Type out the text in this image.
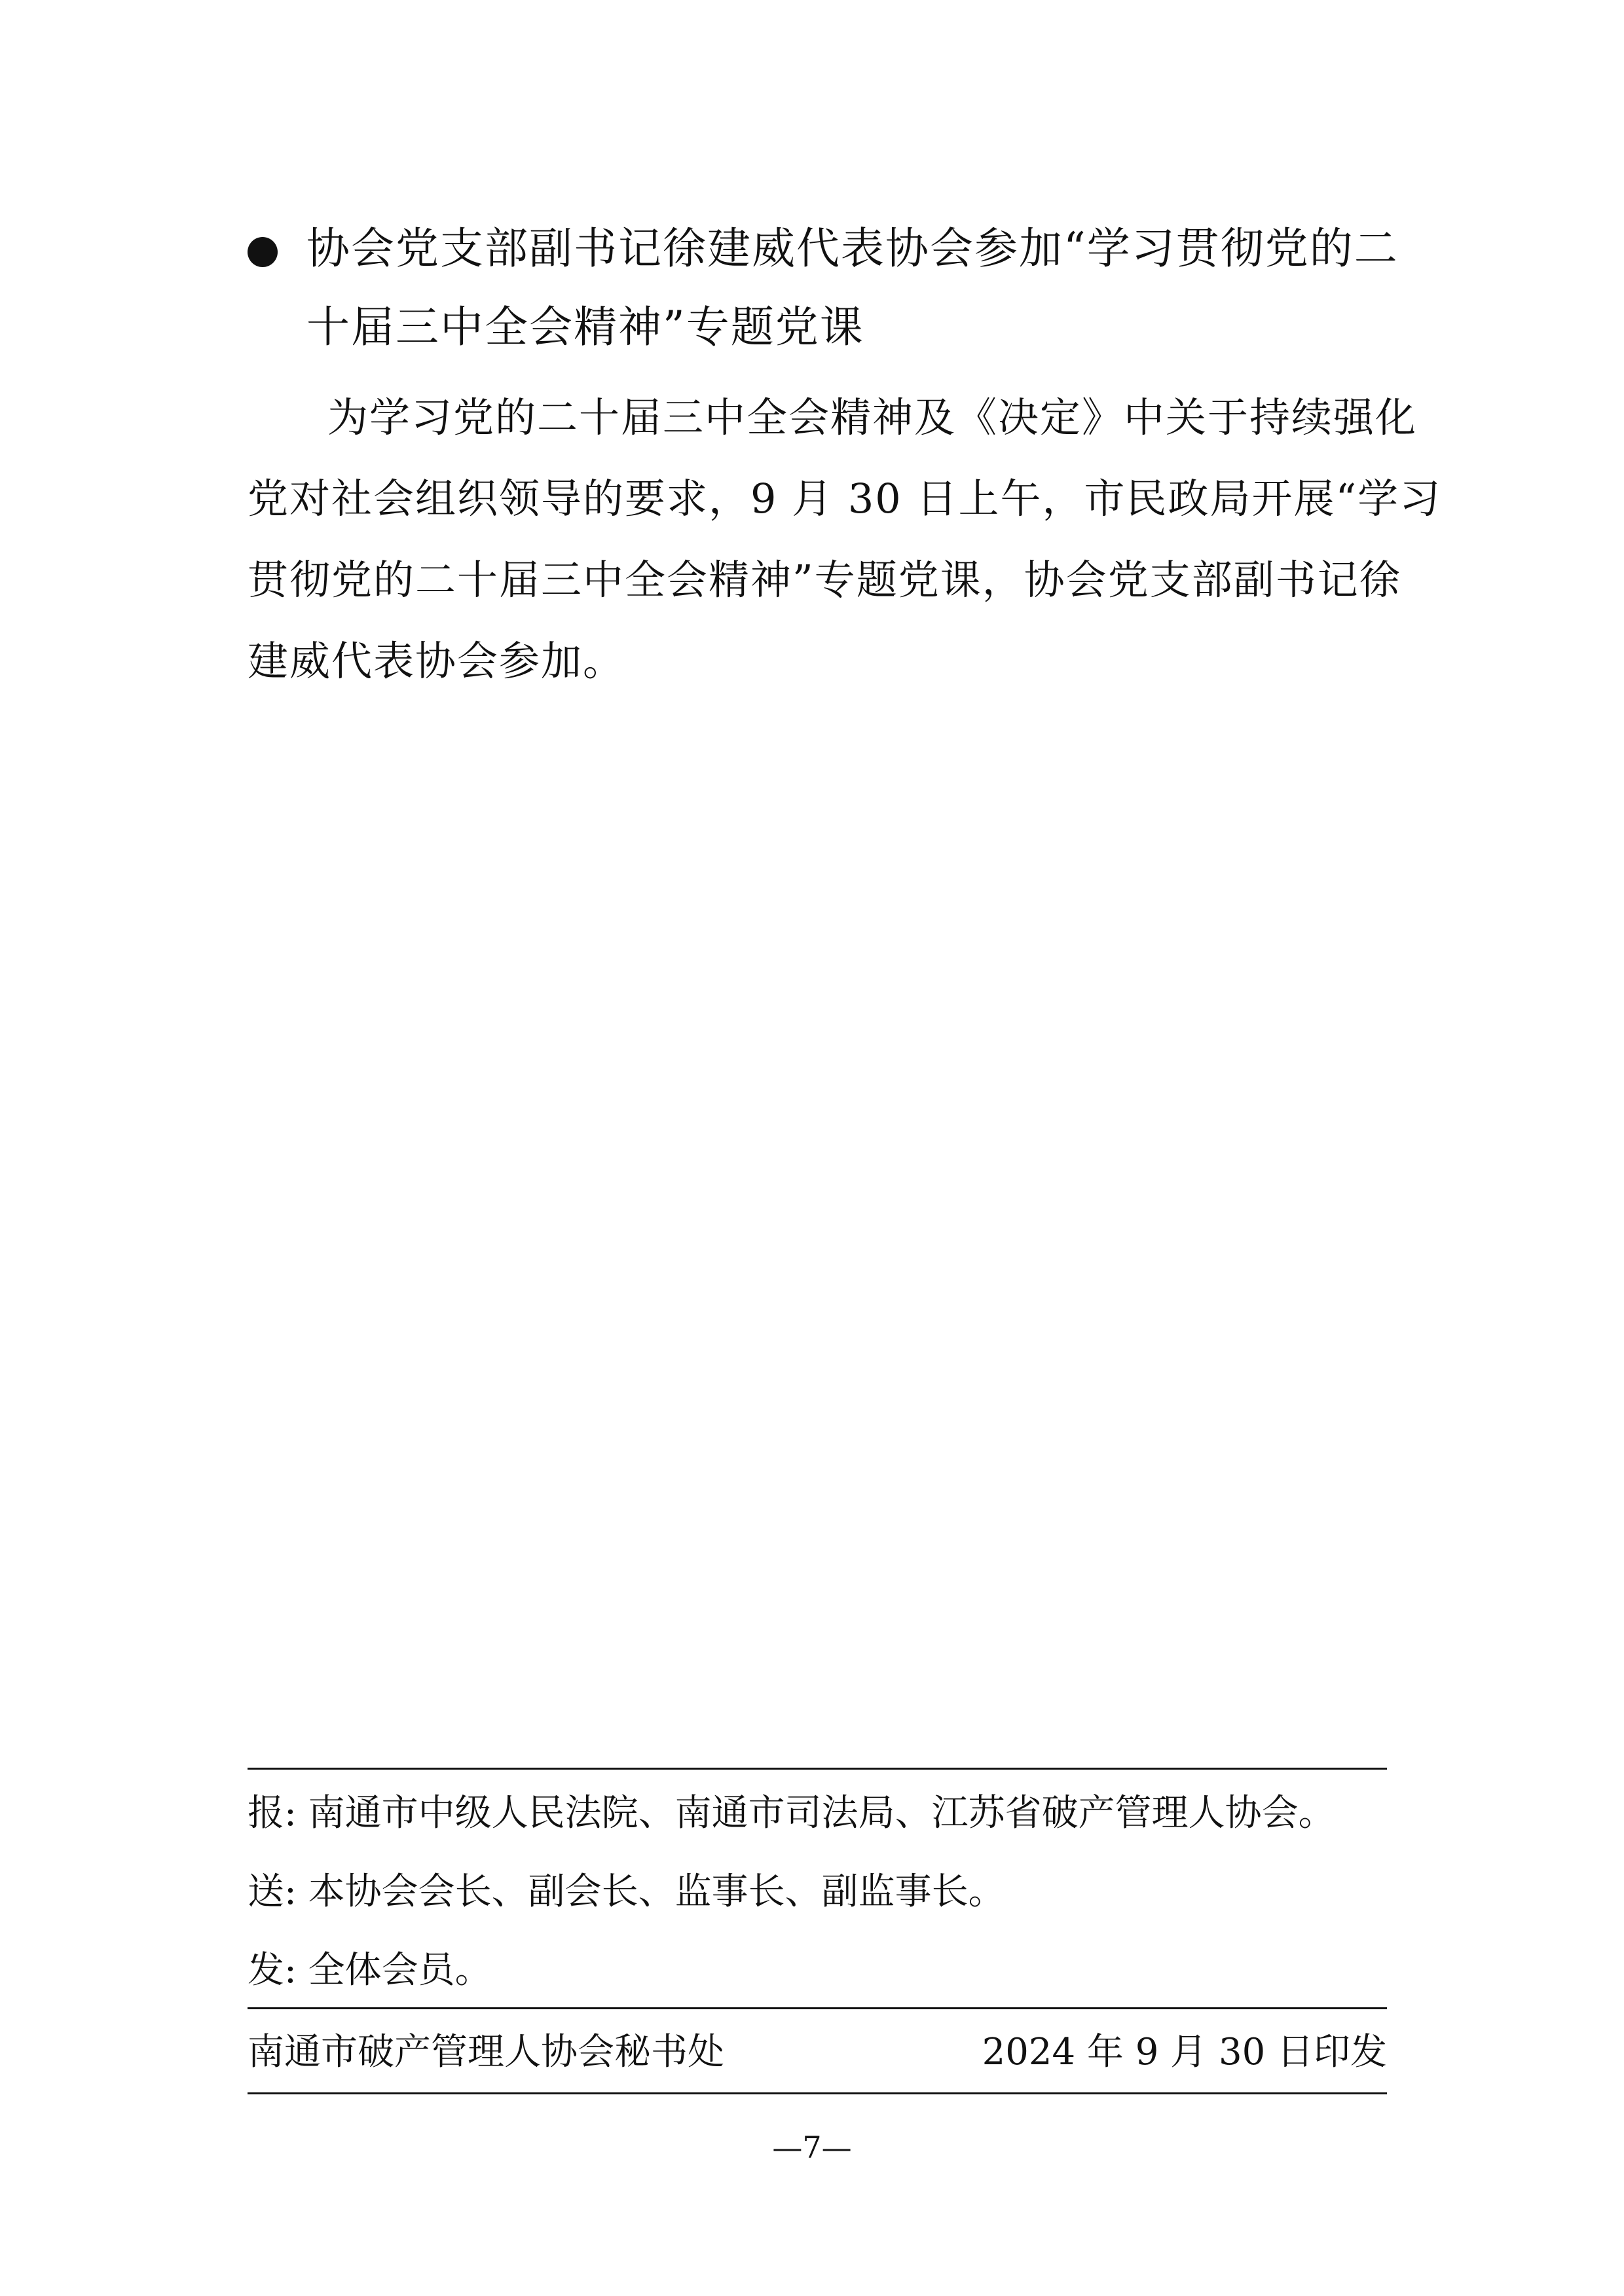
协会党支部副书记徐建威代表协会参加“学习贯彻党的二
十届三中全会精神”专题党课
为学习党的二十届三中全会精神及《决定》中关于持续强化
党对社会组织领导的要求，9 月 30 日上午，市民政局开展“学习
贯彻党的二十届三中全会精神”专题党课，协会党支部副书记徐
建威代表协会参加。
报: 南通市中级人民法院、南通市司法局、江苏省破产管理人协会。
送: 本协会会长、副会长、监事长、副监事长。
发: 全体会员。
南通市破产管理人协会秘书处	2024 年 9 月 30 日印发
—7—
